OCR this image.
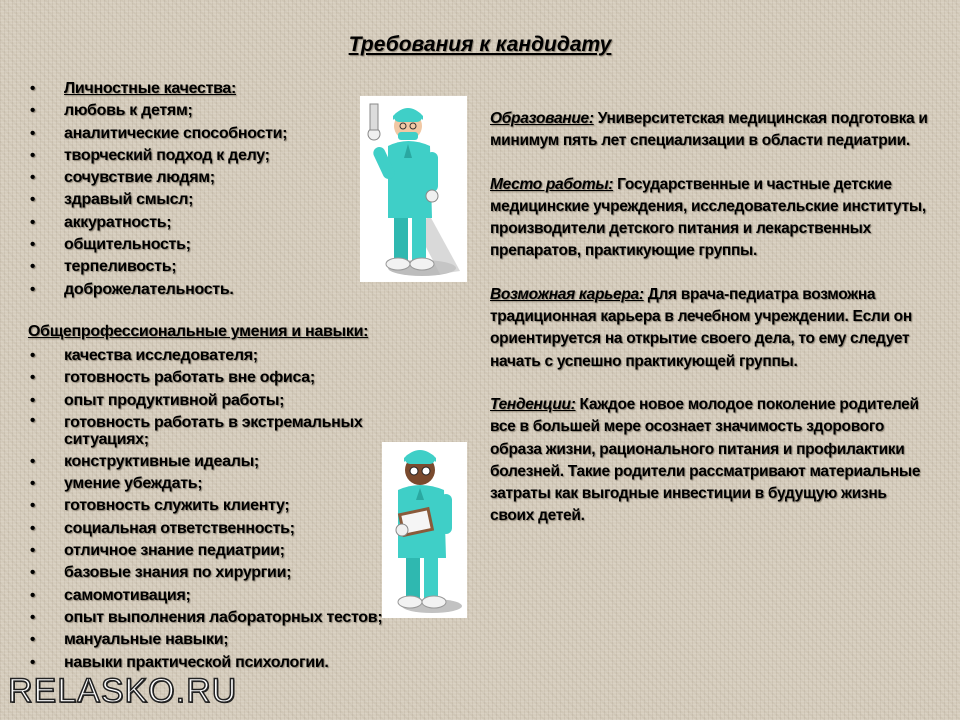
Требования к кандидату
• Личностные качества:
• любовь к детям;
• аналитические способности;
• творческий подход к делу;
• сочувствие людям;
• здравый смысл;
• аккуратность;
• общительность;
• терпеливость;
• доброжелательность.
Общепрофессиональные умения и навыки:
• качества исследователя;
• готовность работать вне офиса;
• опыт продуктивной работы;
• готовность работать в экстремальных ситуациях;
• конструктивные идеалы;
• умение убеждать;
• готовность служить клиенту;
• социальная ответственность;
• отличное знание педиатрии;
• базовые знания по хирургии;
• самомотивация;
• опыт выполнения лабораторных тестов;
• мануальные навыки;
• навыки практической психологии.

Образование: Университетская медицинская подготовка и минимум пять лет специализации в области педиатрии.

Место работы: Государственные и частные детские медицинские учреждения, исследовательские институты, производители детского питания и лекарственных препаратов, практикующие группы.

Возможная карьера: Для врача-педиатра возможна традиционная карьера в лечебном учреждении. Если он ориентируется на открытие своего дела, то ему следует начать с успешно практикующей группы.

Тенденции: Каждое новое молодое поколение родителей все в большей мере осознает значимость здорового образа жизни, рационального питания и профилактики болезней. Такие родители рассматривают материальные затраты как выгодные инвестиции в будущую жизнь своих детей.

RELASKO.RU
